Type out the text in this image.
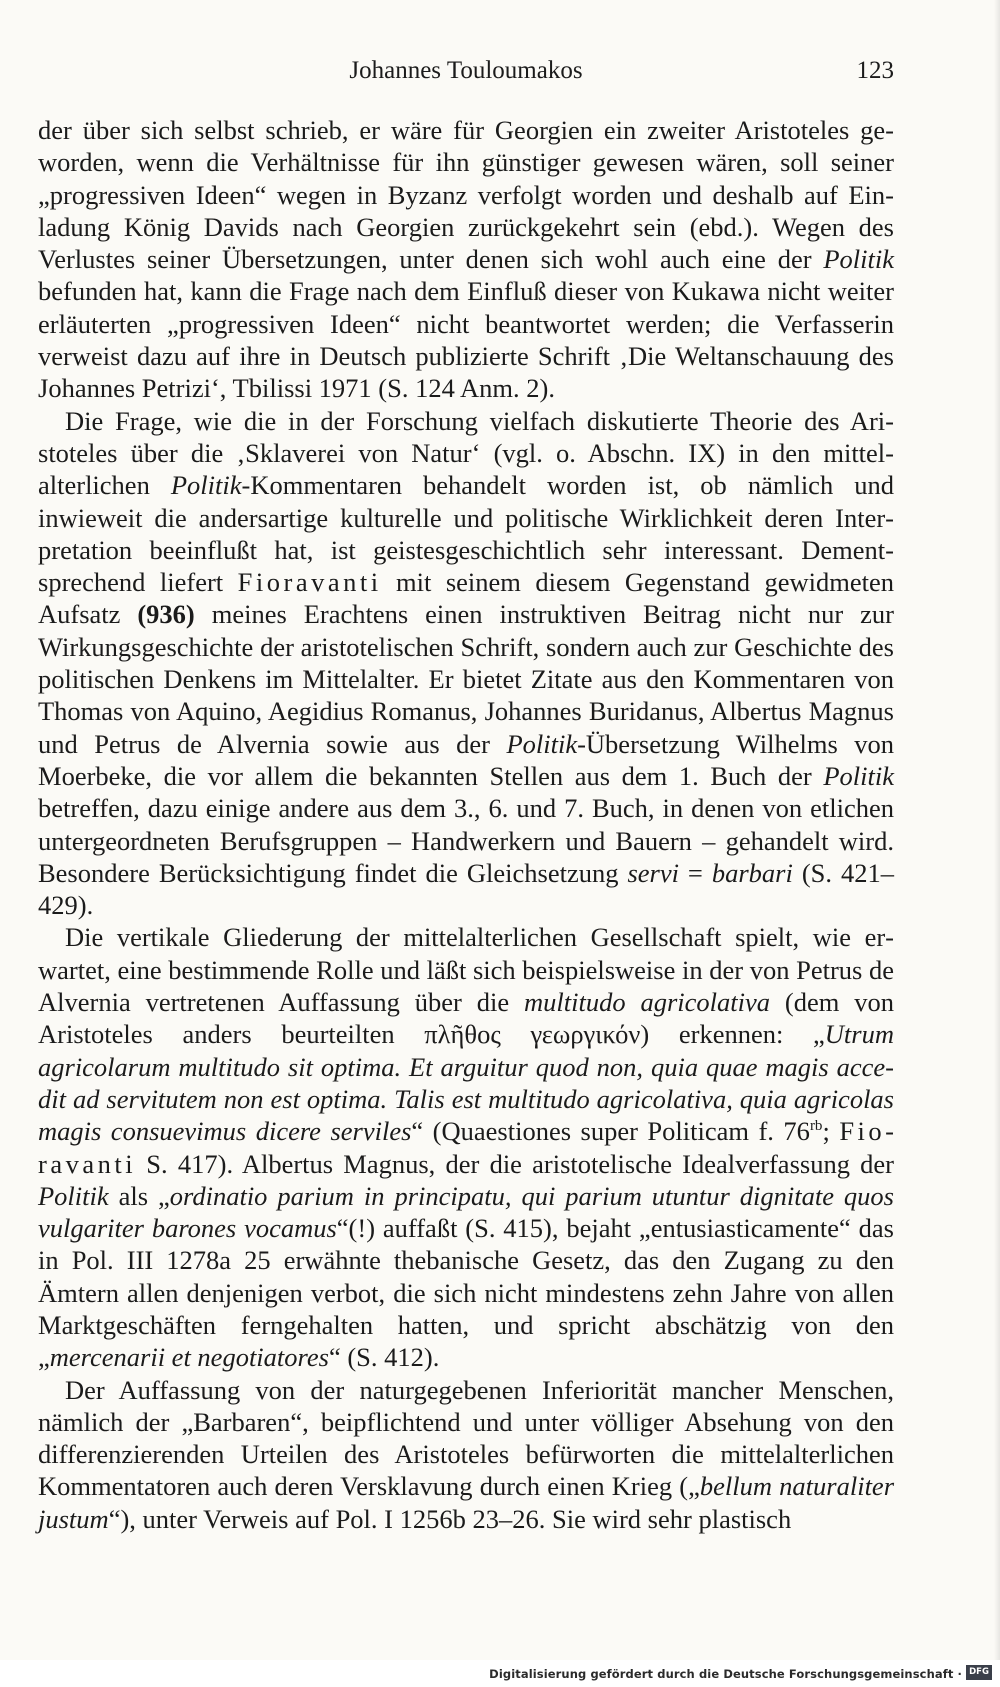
Johannes Touloumakos	123

der über sich selbst schrieb, er wäre für Georgien ein zweiter Aristoteles geworden, wenn die Verhältnisse für ihn günstiger gewesen wären, soll seiner „progressiven Ideen“ wegen in Byzanz verfolgt worden und deshalb auf Einladung König Davids nach Georgien zurückgekehrt sein (ebd.). Wegen des Verlustes seiner Übersetzungen, unter denen sich wohl auch eine der Politik befunden hat, kann die Frage nach dem Einfluß dieser von Kukawa nicht weiter erläuterten „progressiven Ideen“ nicht beantwortet werden; die Verfasserin verweist dazu auf ihre in Deutsch publizierte Schrift ‚Die Weltanschauung des Johannes Petrizi‘, Tbilissi 1971 (S. 124 Anm. 2).

Die Frage, wie die in der Forschung vielfach diskutierte Theorie des Aristoteles über die ‚Sklaverei von Natur‘ (vgl. o. Abschn. IX) in den mittelalterlichen Politik-Kommentaren behandelt worden ist, ob nämlich und inwieweit die andersartige kulturelle und politische Wirklichkeit deren Interpretation beeinflußt hat, ist geistesgeschichtlich sehr interessant. Dementsprechend liefert Fioravanti mit seinem diesem Gegenstand gewidmeten Aufsatz (936) meines Erachtens einen instruktiven Beitrag nicht nur zur Wirkungsgeschichte der aristotelischen Schrift, sondern auch zur Geschichte des politischen Denkens im Mittelalter. Er bietet Zitate aus den Kommentaren von Thomas von Aquino, Aegidius Romanus, Johannes Buridanus, Albertus Magnus und Petrus de Alvernia sowie aus der Politik-Übersetzung Wilhelms von Moerbeke, die vor allem die bekannten Stellen aus dem 1. Buch der Politik betreffen, dazu einige andere aus dem 3., 6. und 7. Buch, in denen von etlichen untergeordneten Berufsgruppen – Handwerkern und Bauern – gehandelt wird. Besondere Berücksichtigung findet die Gleichsetzung servi = barbari (S. 421–429).

Die vertikale Gliederung der mittelalterlichen Gesellschaft spielt, wie erwartet, eine bestimmende Rolle und läßt sich beispielsweise in der von Petrus de Alvernia vertretenen Auffassung über die multitudo agricolativa (dem von Aristoteles anders beurteilten πλῆθος γεωργικόν) erkennen: „Utrum agricolarum multitudo sit optima. Et arguitur quod non, quia quae magis accedit ad servitutem non est optima. Talis est multitudo agricolativa, quia agricolas magis consuevimus dicere serviles“ (Quaestiones super Politicam f. $76^{rb}$; Fioravanti S. 417). Albertus Magnus, der die aristotelische Idealverfassung der Politik als „ordinatio parium in principatu, qui parium utuntur dignitate quos vulgariter barones vocamus“(!) auffaßt (S. 415), bejaht „entusiasticamente“ das in Pol. III 1278a 25 erwähnte thebanische Gesetz, das den Zugang zu den Ämtern allen denjenigen verbot, die sich nicht mindestens zehn Jahre von allen Marktgeschäften ferngehalten hatten, und spricht abschätzig von den „mercenarii et negotiatores“ (S. 412).

Der Auffassung von der naturgegebenen Inferiorität mancher Menschen, nämlich der „Barbaren“, beipflichtend und unter völliger Absehung von den differenzierenden Urteilen des Aristoteles befürworten die mittelalterlichen Kommentatoren auch deren Versklavung durch einen Krieg („bellum naturaliter justum“), unter Verweis auf Pol. I 1256b 23–26. Sie wird sehr plastisch

Digitalisierung gefördert durch die Deutsche Forschungsgemeinschaft · DFG
